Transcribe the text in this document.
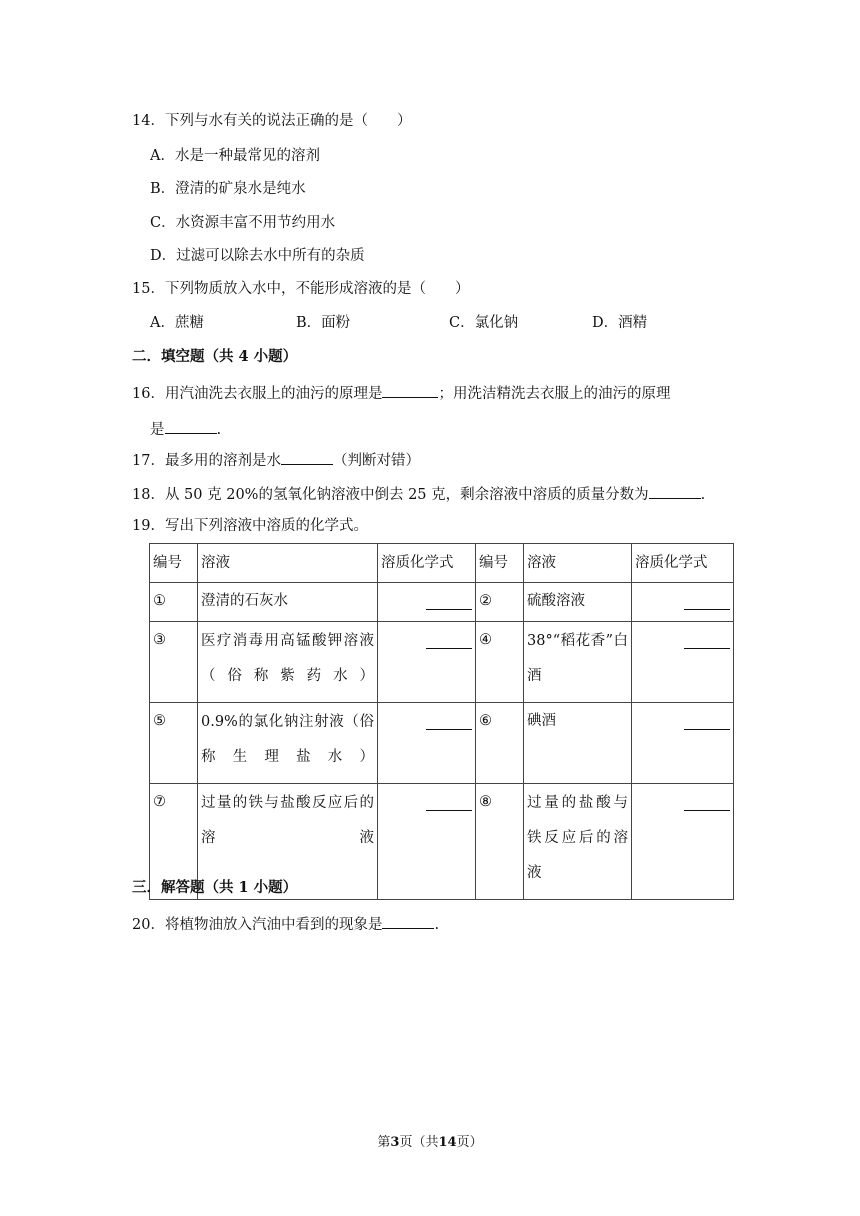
14．下列与水有关的说法正确的是（　　）
A．水是一种最常见的溶剂
B．澄清的矿泉水是纯水
C．水资源丰富不用节约用水
D．过滤可以除去水中所有的杂质
15．下列物质放入水中，不能形成溶液的是（　　）
A．蔗糖	B．面粉	C．氯化钠	D．酒精
二．填空题（共 4 小题）
16．用汽油洗去衣服上的油污的原理是	；用洗洁精洗去衣服上的油污的原理
是	.
17．最多用的溶剂是水	（判断对错）
18．从 50 克 20%的氢氧化钠溶液中倒去 25 克，剩余溶液中溶质的质量分数为	.
19．写出下列溶液中溶质的化学式。
编号	溶液	溶质化学式	编号	溶液	溶质化学式
①	澄清的石灰水		②	硫酸溶液	

③	医疗消毒用高锰酸钾溶液（俗称紫药水）		④	38°“稻花香”白酒	

⑤	0.9%的氯化钠注射液（俗称生理盐水）		⑥	碘酒	

⑦	过量的铁与盐酸反应后的溶液		⑧	过量的盐酸与铁反应后的溶液	
三．解答题（共 1 小题）
20．将植物油放入汽油中看到的现象是	.
第3页（共14页）
